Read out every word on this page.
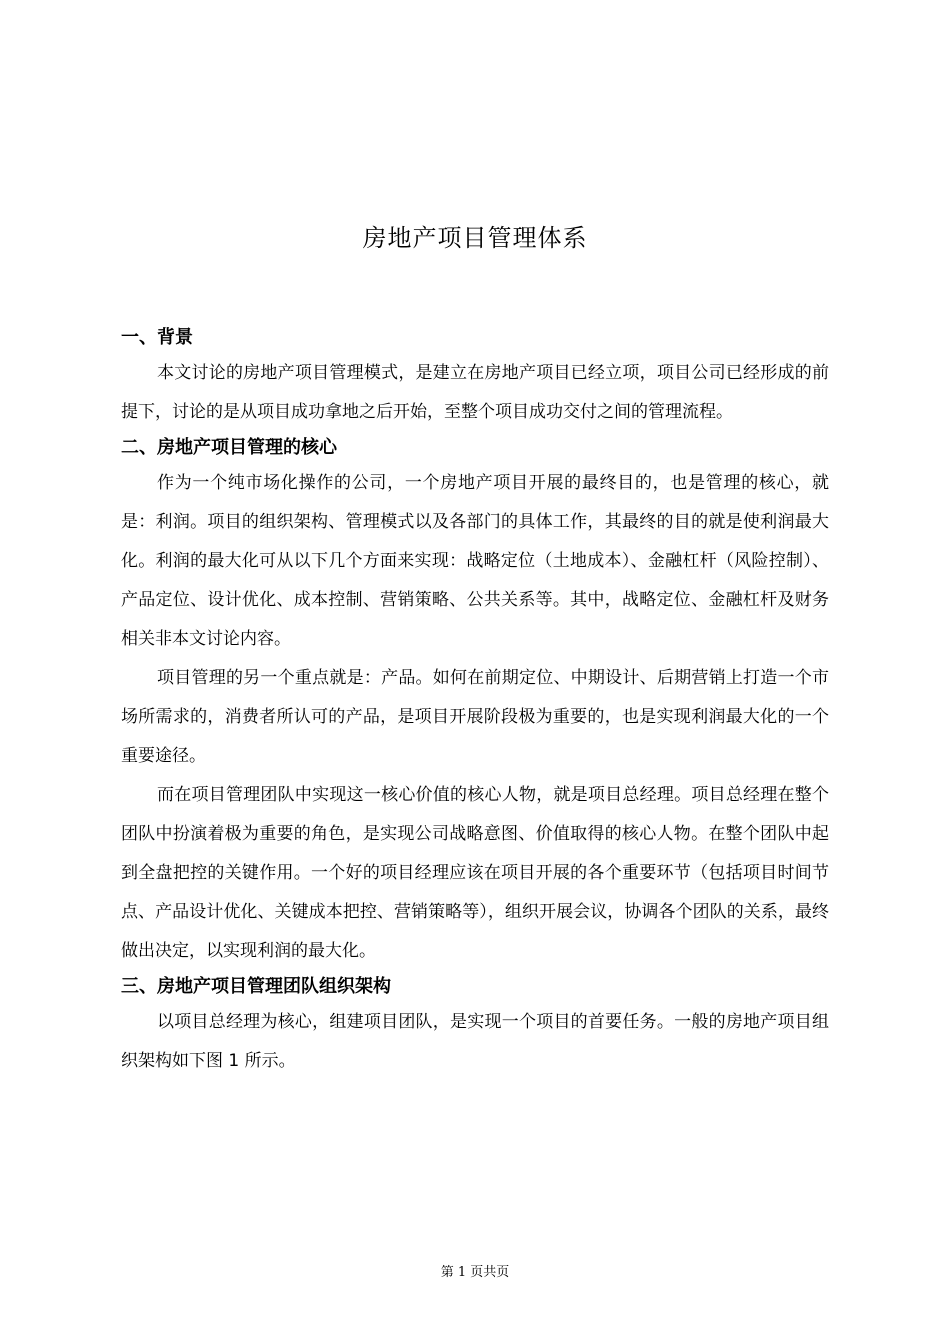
房地产项目管理体系
一、背景

本文讨论的房地产项目管理模式，是建立在房地产项目已经立项，项目公司已经形成的前提下，讨论的是从项目成功拿地之后开始，至整个项目成功交付之间的管理流程。

二、房地产项目管理的核心

作为一个纯市场化操作的公司，一个房地产项目开展的最终目的，也是管理的核心，就是：利润。项目的组织架构、管理模式以及各部门的具体工作，其最终的目的就是使利润最大化。利润的最大化可从以下几个方面来实现：战略定位（土地成本）、金融杠杆（风险控制）、产品定位、设计优化、成本控制、营销策略、公共关系等。其中，战略定位、金融杠杆及财务相关非本文讨论内容。

项目管理的另一个重点就是：产品。如何在前期定位、中期设计、后期营销上打造一个市场所需求的，消费者所认可的产品，是项目开展阶段极为重要的，也是实现利润最大化的一个重要途径。

而在项目管理团队中实现这一核心价值的核心人物，就是项目总经理。项目总经理在整个团队中扮演着极为重要的角色，是实现公司战略意图、价值取得的核心人物。在整个团队中起到全盘把控的关键作用。一个好的项目经理应该在项目开展的各个重要环节（包括项目时间节点、产品设计优化、关键成本把控、营销策略等），组织开展会议，协调各个团队的关系，最终做出决定，以实现利润的最大化。

三、房地产项目管理团队组织架构

以项目总经理为核心，组建项目团队，是实现一个项目的首要任务。一般的房地产项目组织架构如下图 1 所示。

第 1 页共页
